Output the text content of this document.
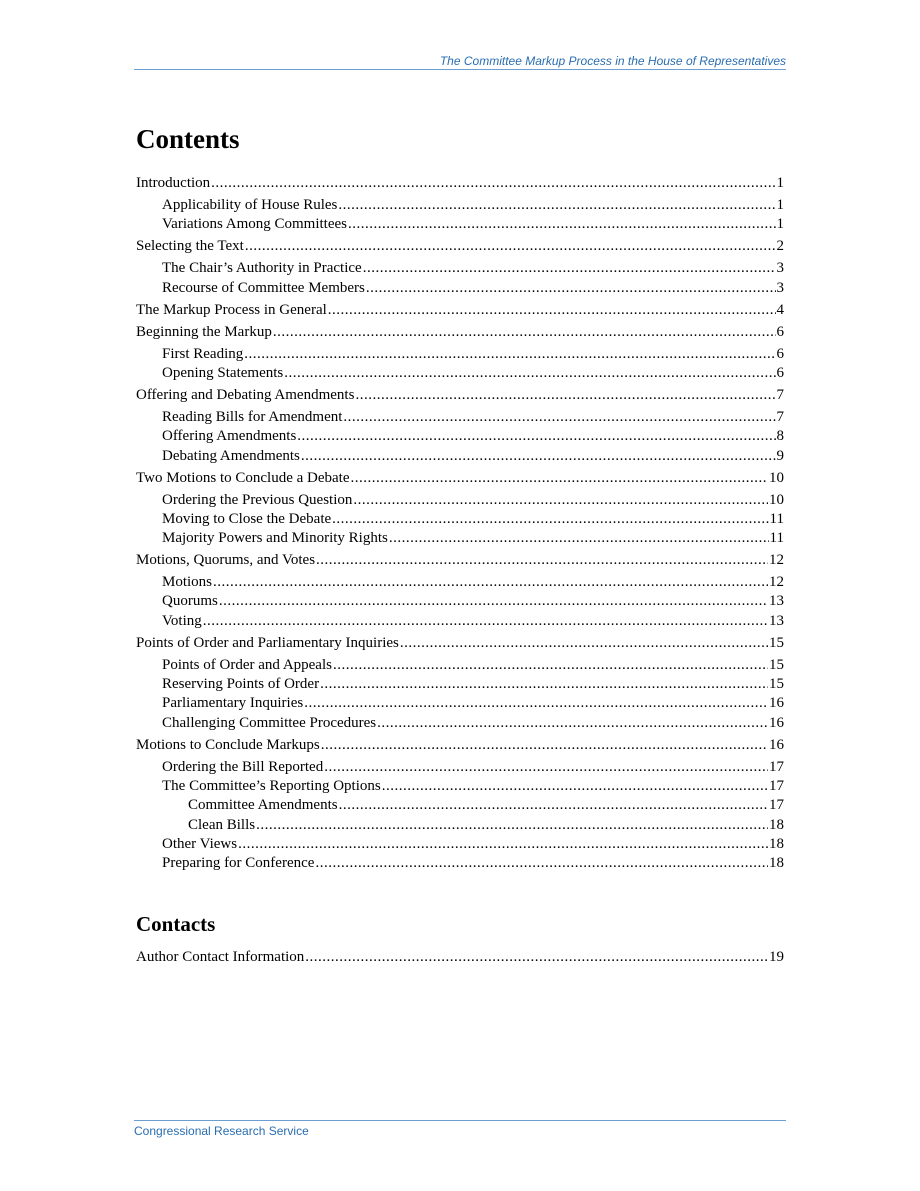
The Committee Markup Process in the House of Representatives
Contents
Introduction .....	1
Applicability of House Rules .....	1
Variations Among Committees .....	1
Selecting the Text .....	2
The Chair’s Authority in Practice .....	3
Recourse of Committee Members .....	3
The Markup Process in General .....	4
Beginning the Markup .....	6
First Reading .....	6
Opening Statements .....	6
Offering and Debating Amendments .....	7
Reading Bills for Amendment .....	7
Offering Amendments .....	8
Debating Amendments .....	9
Two Motions to Conclude a Debate .....	10
Ordering the Previous Question .....	10
Moving to Close the Debate .....	11
Majority Powers and Minority Rights .....	11
Motions, Quorums, and Votes .....	12
Motions .....	12
Quorums .....	13
Voting .....	13
Points of Order and Parliamentary Inquiries .....	15
Points of Order and Appeals .....	15
Reserving Points of Order .....	15
Parliamentary Inquiries .....	16
Challenging Committee Procedures .....	16
Motions to Conclude Markups .....	16
Ordering the Bill Reported .....	17
The Committee’s Reporting Options .....	17
Committee Amendments .....	17
Clean Bills .....	18
Other Views .....	18
Preparing for Conference .....	18
Contacts
Author Contact Information .....	19
Congressional Research Service
